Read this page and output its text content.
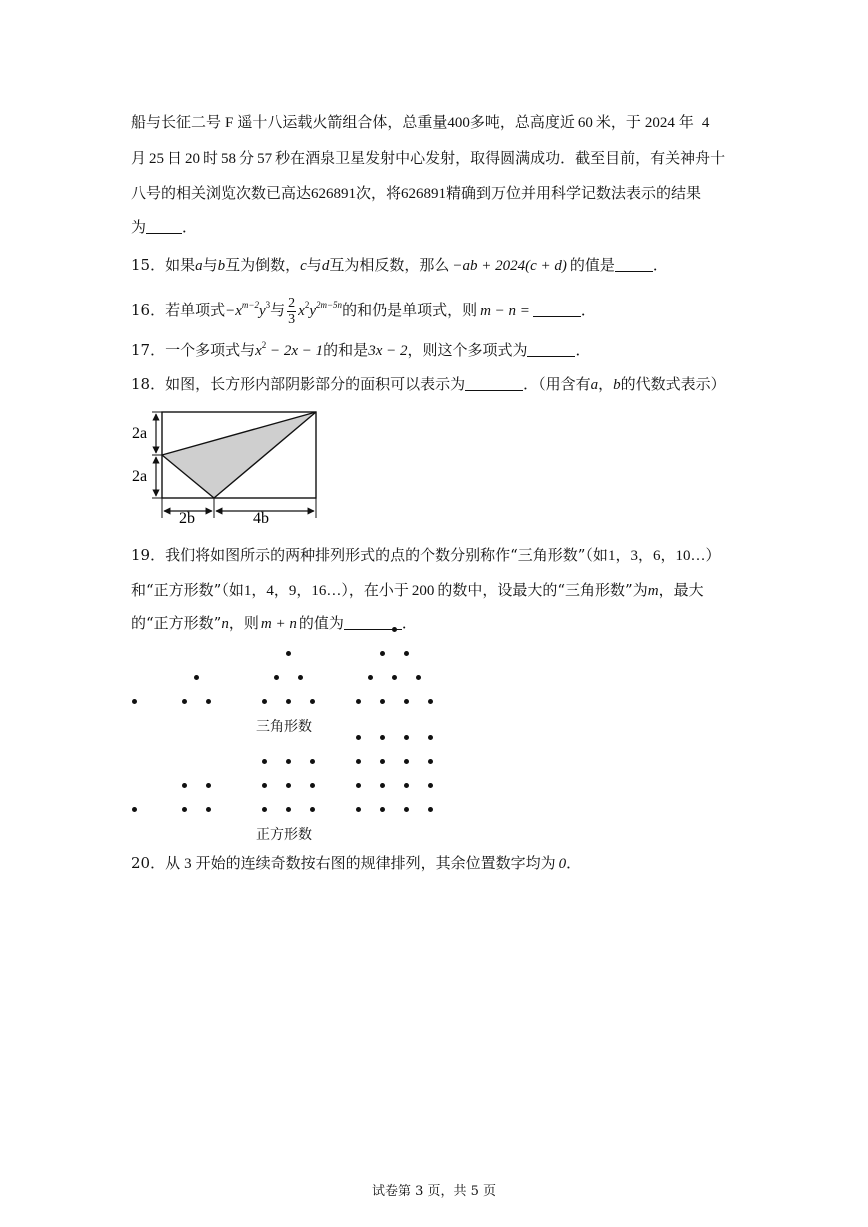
船与长征二号 F 遥十八运载火箭组合体，总重量400多吨，总高度近 60 米，于 2024 年 4
月 25 日 20 时 58 分 57 秒在酒泉卫星发射中心发射，取得圆满成功．截至目前，有关神舟十
八号的相关浏览次数已高达626891次，将626891精确到万位并用科学记数法表示的结果
为 ．
15．如果a与b互为倒数，c与d互为相反数，那么 −ab + 2024(c + d) 的值是	．
16．若单项式$-x^{m-2}y^3$与 $\frac{2}{3} x^2y^{2m-5n}$的和仍是单项式，则 m − n =	．
17．一个多项式与$x^2 - 2x - 1$的和是3x − 2，则这个多项式为	．
18．如图，长方形内部阴影部分的面积可以表示为	．（用含有a，b的代数式表示）
2a
2a
2b	4b
19．我们将如图所示的两种排列形式的点的个数分别称作“三角形数”（如1，3，6，10…）
和“正方形数”（如1，4，9，16…），在小于 200 的数中，设最大的“三角形数”为m，最大
的“正方形数”n，则 m + n 的值为	．
三角形数
正方形数
20．从 3 开始的连续奇数按右图的规律排列，其余位置数字均为 0．
试卷第 3 页，共 5 页
